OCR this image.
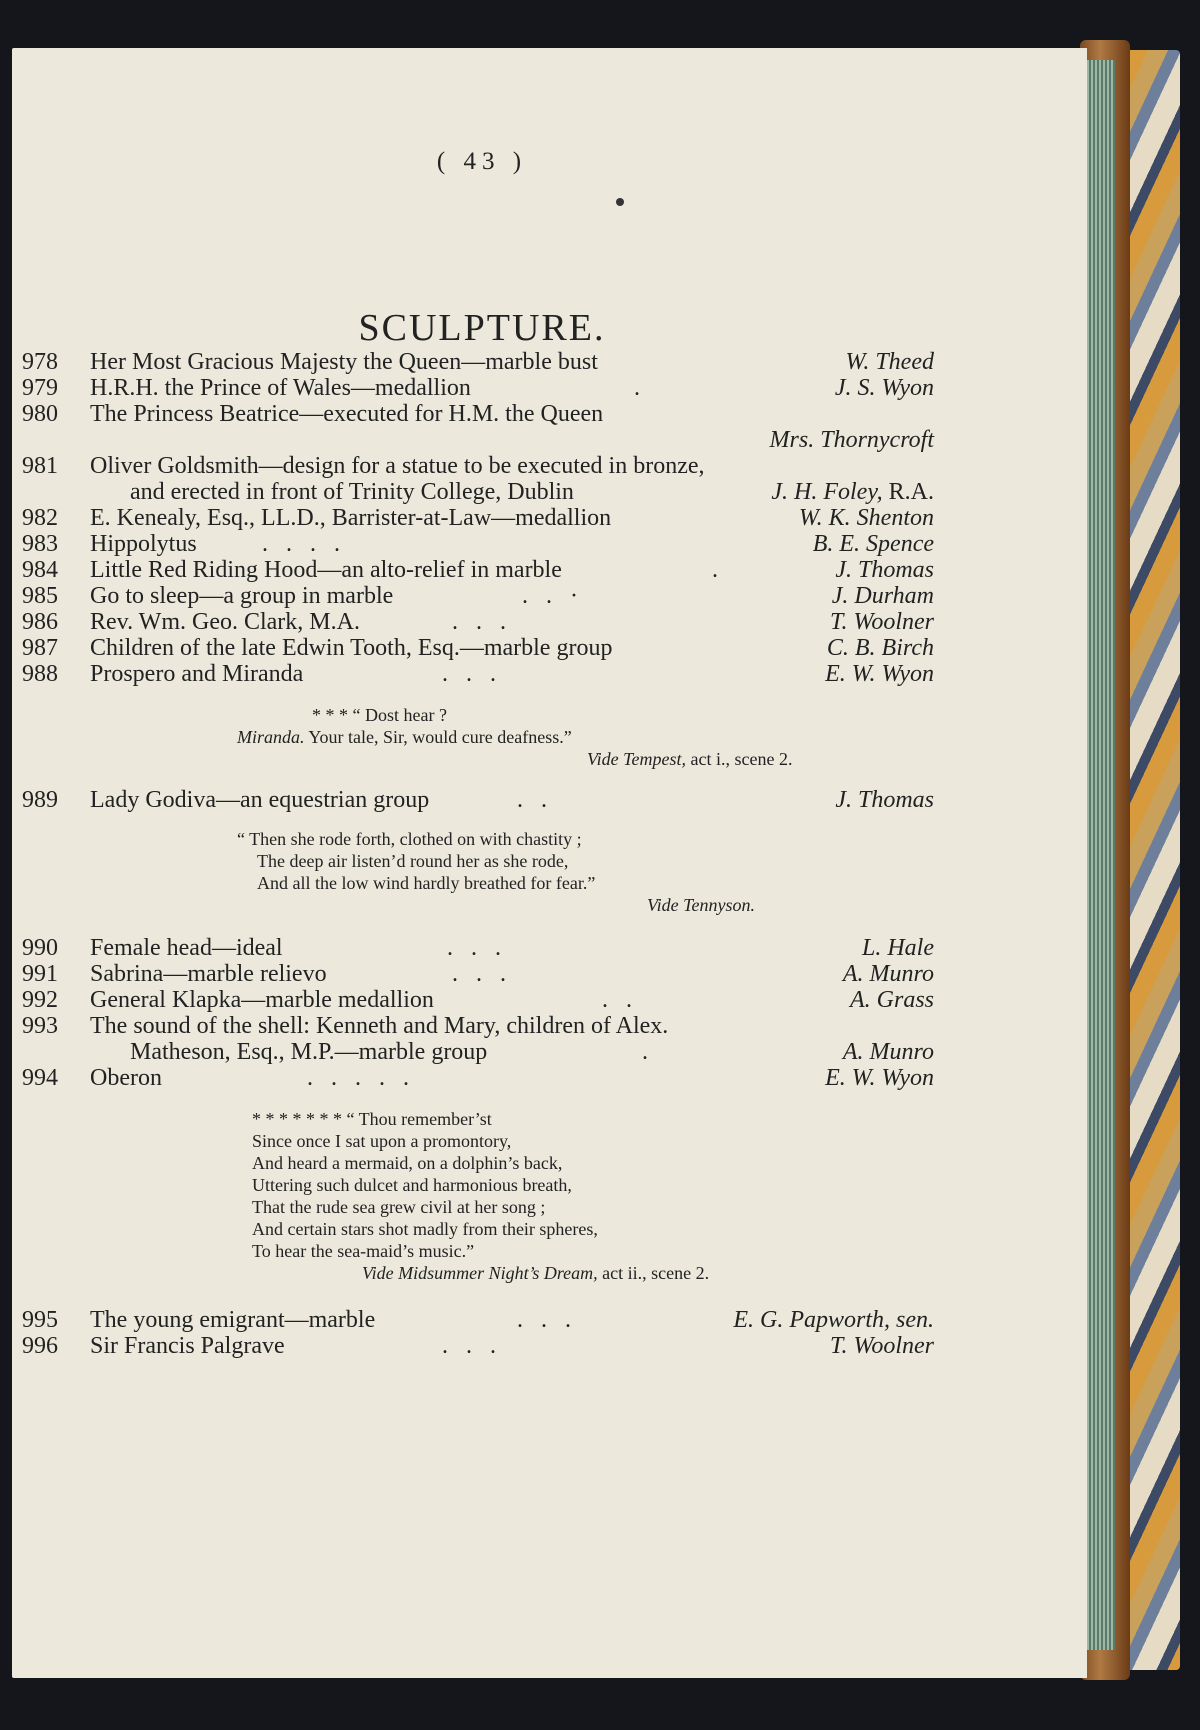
( 43 )
SCULPTURE.
978	Her Most Gracious Majesty the Queen—marble bust	W. Theed
979	H.R.H. the Prince of Wales—medallion	.	J. S. Wyon
980	The Princess Beatrice—executed for H.M. the Queen
Mrs. Thornycroft
981	Oliver Goldsmith—design for a statue to be executed in bronze,
and erected in front of Trinity College, Dublin	J. H. Foley, R.A.
982	E. Kenealy, Esq., LL.D., Barrister-at-Law—medallion	W. K. Shenton
983	Hippolytus	. . . .	B. E. Spence
984	Little Red Riding Hood—an alto-relief in marble	.	J. Thomas
985	Go to sleep—a group in marble	. . ·	J. Durham
986	Rev. Wm. Geo. Clark, M.A.	. . .	T. Woolner
987	Children of the late Edwin Tooth, Esq.—marble group	C. B. Birch
988	Prospero and Miranda	. . .	E. W. Wyon
* * * “ Dost hear ?
Miranda. Your tale, Sir, would cure deafness.”
Vide Tempest, act i., scene 2.
989	Lady Godiva—an equestrian group	. .	J. Thomas
“ Then she rode forth, clothed on with chastity ;
The deep air listen’d round her as she rode,
And all the low wind hardly breathed for fear.”
Vide Tennyson.
990	Female head—ideal	. . .	L. Hale
991	Sabrina—marble relievo	. . .	A. Munro
992	General Klapka—marble medallion	. .	A. Grass
993	The sound of the shell: Kenneth and Mary, children of Alex.
Matheson, Esq., M.P.—marble group	.	A. Munro
994	Oberon	. . . . .	E. W. Wyon
* * * * * * * “ Thou remember’st
Since once I sat upon a promontory,
And heard a mermaid, on a dolphin’s back,
Uttering such dulcet and harmonious breath,
That the rude sea grew civil at her song ;
And certain stars shot madly from their spheres,
To hear the sea-maid’s music.”
Vide Midsummer Night’s Dream, act ii., scene 2.
995	The young emigrant—marble	. . .	E. G. Papworth, sen.
996	Sir Francis Palgrave	. . .	T. Woolner
